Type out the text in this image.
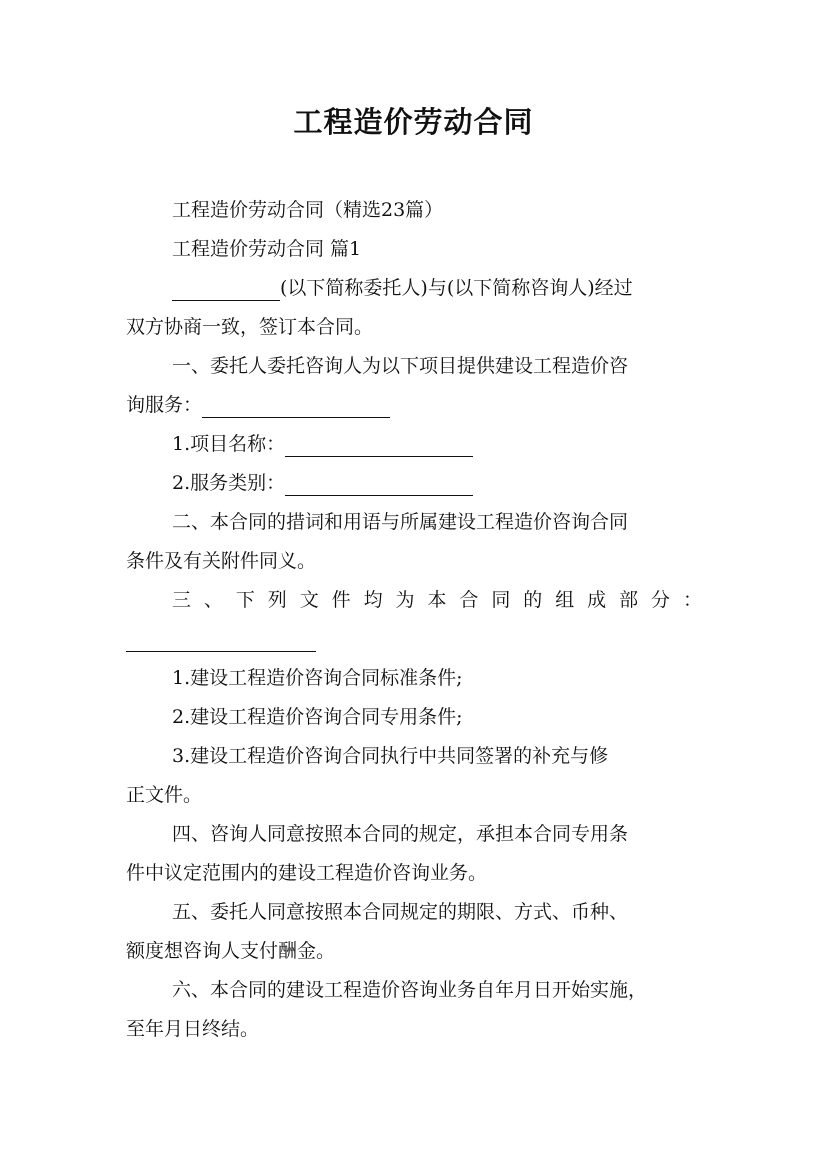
工程造价劳动合同

工程造价劳动合同（精选23篇）

工程造价劳动合同 篇1

(以下简称委托人)与(以下简称咨询人)经过

双方协商一致，签订本合同。

一、委托人委托咨询人为以下项目提供建设工程造价咨

询服务：

1.项目名称：

2.服务类别：

二、本合同的措词和用语与所属建设工程造价咨询合同

条件及有关附件同义。

三、下列文件均为本合同的组成部分：

1.建设工程造价咨询合同标准条件;

2.建设工程造价咨询合同专用条件;

3.建设工程造价咨询合同执行中共同签署的补充与修

正文件。

四、咨询人同意按照本合同的规定，承担本合同专用条

件中议定范围内的建设工程造价咨询业务。

五、委托人同意按照本合同规定的期限、方式、币种、

额度想咨询人支付酬金。

六、本合同的建设工程造价咨询业务自年月日开始实施，

至年月日终结。
